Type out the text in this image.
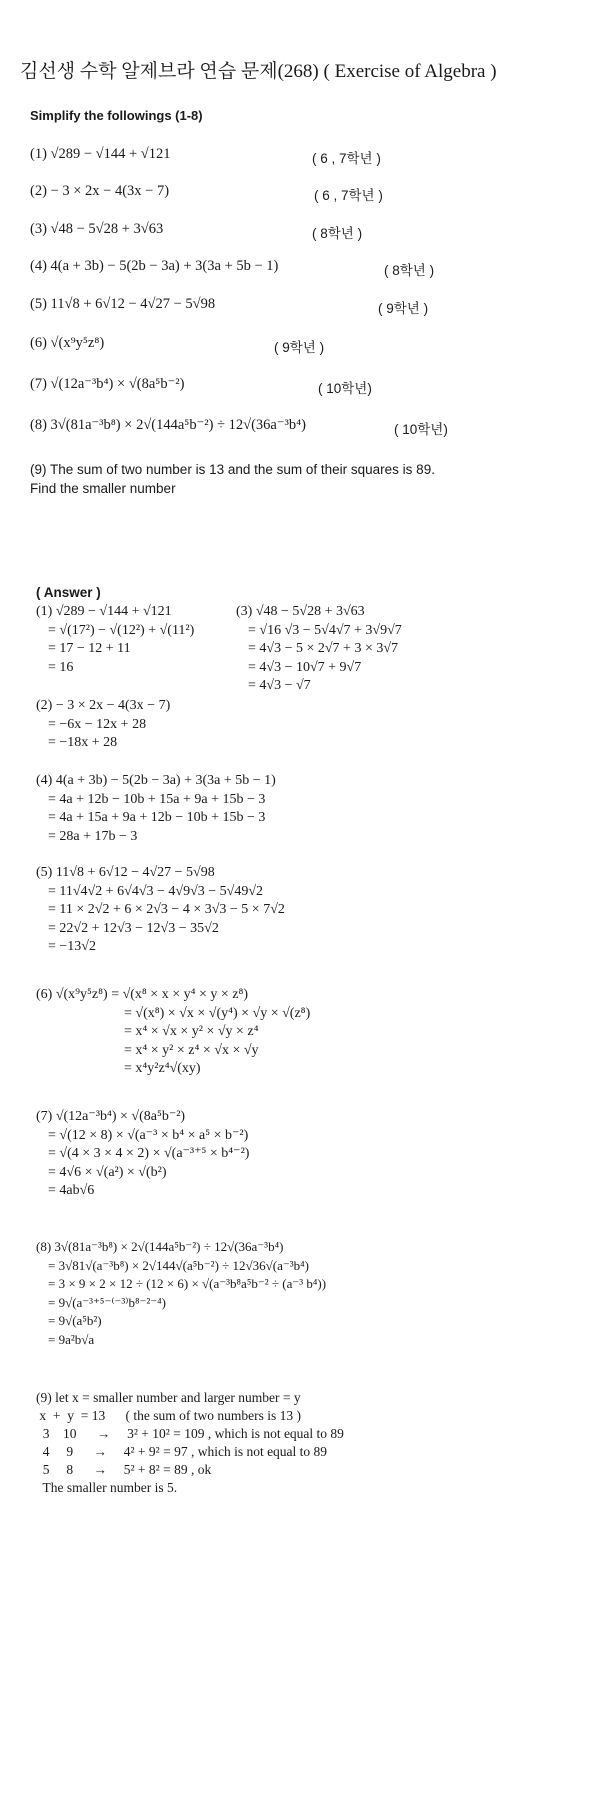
김선생 수학 알제브라 연습 문제(268) ( Exercise of Algebra )
Simplify the followings (1-8)
(1) √289 − √144 + √121	( 6 , 7학년 )
(2) − 3 × 2x − 4(3x − 7)	( 6 , 7학년 )
(3) √48 − 5√28 + 3√63	( 8학년 )
(4) 4(a + 3b) − 5(2b − 3a) + 3(3a + 5b − 1)	( 8학년 )
(5) 11√8 + 6√12 − 4√27 − 5√98	( 9학년 )
(6) √(x⁹y⁵z⁸)	( 9학년 )
(7) √(12a⁻³b⁴) × √(8a⁵b⁻²)	( 10학년)
(8) 3√(81a⁻³b⁸) × 2√(144a⁵b⁻²) ÷ 12√(36a⁻³b⁴)	( 10학년)
(9) The sum of two number is 13 and the sum of their squares is 89.
Find the smaller number
( Answer )
(1) √289 − √144 + √121
= √(17²) − √(12²) + √(11²)
= 17 − 12 + 11
= 16
(3) √48 − 5√28 + 3√63
= √16 √3 − 5√4√7 + 3√9√7
= 4√3 − 5 × 2√7 + 3 × 3√7
= 4√3 − 10√7 + 9√7
= 4√3 − √7
(2) − 3 × 2x − 4(3x − 7)
= −6x − 12x + 28
= −18x + 28
(4) 4(a + 3b) − 5(2b − 3a) + 3(3a + 5b − 1)
= 4a + 12b − 10b + 15a + 9a + 15b − 3
= 4a + 15a + 9a + 12b − 10b + 15b − 3
= 28a + 17b − 3
(5) 11√8 + 6√12 − 4√27 − 5√98
= 11√4√2 + 6√4√3 − 4√9√3 − 5√49√2
= 11 × 2√2 + 6 × 2√3 − 4 × 3√3 − 5 × 7√2
= 22√2 + 12√3 − 12√3 − 35√2
= −13√2
(6) √(x⁹y⁵z⁸) = √(x⁸ × x × y⁴ × y × z⁸)
= √(x⁸) × √x × √(y⁴) × √y × √(z⁸)
= x⁴ × √x × y² × √y × z⁴
= x⁴ × y² × z⁴ × √x × √y
= x⁴y²z⁴√(xy)
(7) √(12a⁻³b⁴) × √(8a⁵b⁻²)
= √(12 × 8) × √(a⁻³ × b⁴ × a⁵ × b⁻²)
= √(4 × 3 × 4 × 2) × √(a⁻³⁺⁵ × b⁴⁻²)
= 4√6 × √(a²) × √(b²)
= 4ab√6
(8) 3√(81a⁻³b⁸) × 2√(144a⁵b⁻²) ÷ 12√(36a⁻³b⁴)
= 3√81√(a⁻³b⁸) × 2√144√(a⁵b⁻²) ÷ 12√36√(a⁻³b⁴)
= 3 × 9 × 2 × 12 ÷ (12 × 6) × √(a⁻³b⁸a⁵b⁻² ÷ (a⁻³ b⁴))
= 9√(a⁻³⁺⁵⁻⁽⁻³⁾b⁸⁻²⁻⁴)
= 9√(a⁵b²)
= 9a²b√a
(9) let x = smaller number and larger number = y
x  +  y  = 13      ( the sum of two numbers is 13 )
3    10      →     3² + 10² = 109 , which is not equal to 89
4     9      →     4² + 9² = 97 , which is not equal to 89
5     8      →     5² + 8² = 89 , ok
The smaller number is 5.
